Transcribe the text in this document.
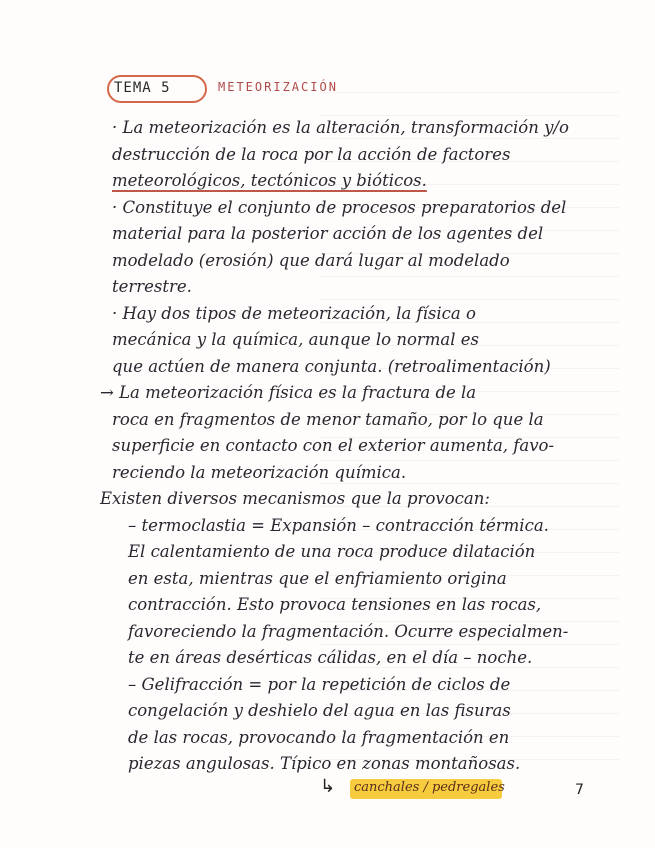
TEMA 5	METEORIZACIÓN
· La meteorización es la alteración, transformación y/o
destrucción de la roca por la acción de factores
meteorológicos, tectónicos y bióticos.
· Constituye el conjunto de procesos preparatorios del
material para la posterior acción de los agentes del
modelado (erosión) que dará lugar al modelado
terrestre.
· Hay dos tipos de meteorización, la física o
mecánica y la química, aunque lo normal es
que actúen de manera conjunta. (retroalimentación)
→ La meteorización física es la fractura de la
roca en fragmentos de menor tamaño, por lo que la
superficie en contacto con el exterior aumenta, favo-
reciendo la meteorización química.
Existen diversos mecanismos que la provocan:
– termoclastia = Expansión – contracción térmica.
El calentamiento de una roca produce dilatación
en esta, mientras que el enfriamiento origina
contracción. Esto provoca tensiones en las rocas,
favoreciendo la fragmentación. Ocurre especialmen-
te en áreas desérticas cálidas, en el día – noche.
– Gelifracción = por la repetición de ciclos de
congelación y deshielo del agua en las fisuras
de las rocas, provocando la fragmentación en
piezas angulosas. Típico en zonas montañosas.
↳ canchales / pedregales	7
